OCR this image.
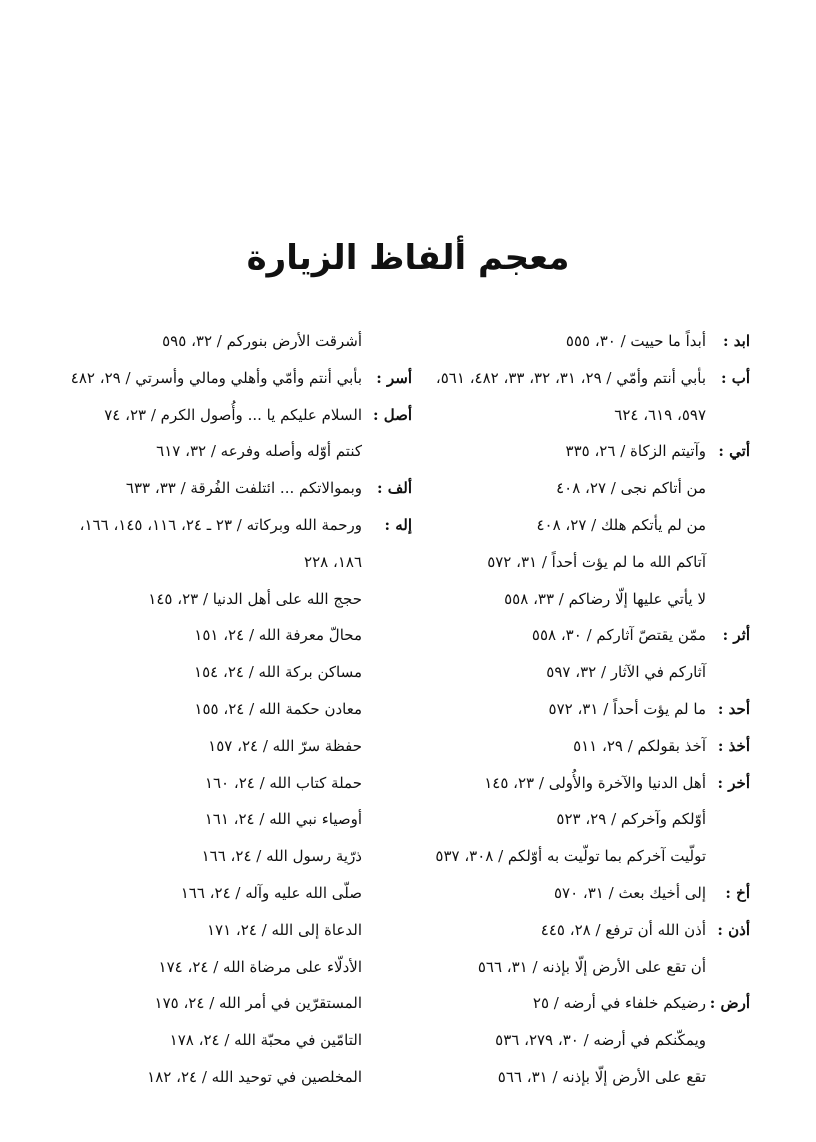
معجم ألفاظ الزيارة
ابد :
أبداً ما حييت / ٣٠، ٥٥٥
أب :
بأبي أنتم وأمّي / ٢٩، ٣١، ٣٢، ٣٣، ٤٨٢، ٥٦١،
٥٩٧، ٦١٩، ٦٢٤
أتي :
وآتيتم الزكاة / ٢٦، ٣٣٥
من أتاكم نجى / ٢٧، ٤٠٨
من لم يأتكم هلك / ٢٧، ٤٠٨
آتاكم الله ما لم يؤت أحداً / ٣١، ٥٧٢
لا يأتي عليها إلّا رضاكم / ٣٣، ٥٥٨
أثر :
ممّن يقتصّ آثاركم / ٣٠، ٥٥٨
آثاركم في الآثار / ٣٢، ٥٩٧
أحد :
ما لم يؤت أحداً / ٣١، ٥٧٢
أخذ :
آخذ بقولكم / ٢٩، ٥١١
أخر :
أهل الدنيا والآخرة والأُولى / ٢٣، ١٤٥
أوّلكم وآخركم / ٢٩، ٥٢٣
تولّيت آخركم بما تولّيت به أوّلكم / ٣٠٨، ٥٣٧
أخ :
إلى أخيك بعث / ٣١، ٥٧٠
أذن :
أذن الله أن ترفع / ٢٨، ٤٤٥
أن تقع على الأرض إلّا بإذنه / ٣١، ٥٦٦
أرض :
رضيكم خلفاء في أرضه / ٢٥
ويمكّنكم في أرضه / ٣٠، ٢٧٩، ٥٣٦
تقع على الأرض إلّا بإذنه / ٣١، ٥٦٦
أشرقت الأرض بنوركم / ٣٢، ٥٩٥
أسر :
بأبي أنتم وأمّي وأهلي ومالي وأسرتي / ٢٩، ٤٨٢
أصل :
السلام عليكم يا ... وأُصول الكرم / ٢٣، ٧٤
كنتم أوّله وأصله وفرعه / ٣٢، ٦١٧
ألف :
وبموالاتكم ... ائتلفت الفُرقة / ٣٣، ٦٣٣
إله :
ورحمة الله وبركاته / ٢٣ ـ ٢٤، ١١٦، ١٤٥، ١٦٦،
١٨٦، ٢٢٨
حجج الله على أهل الدنيا / ٢٣، ١٤٥
محالّ معرفة الله / ٢٤، ١٥١
مساكن بركة الله / ٢٤، ١٥٤
معادن حكمة الله / ٢٤، ١٥٥
حفظة سرّ الله / ٢٤، ١٥٧
حملة كتاب الله / ٢٤، ١٦٠
أوصياء نبي الله / ٢٤، ١٦١
ذرّية رسول الله / ٢٤، ١٦٦
صلّى الله عليه وآله / ٢٤، ١٦٦
الدعاة إلى الله / ٢٤، ١٧١
الأدلّاء على مرضاة الله / ٢٤، ١٧٤
المستقرّين في أمر الله / ٢٤، ١٧٥
التامّين في محبّة الله / ٢٤، ١٧٨
المخلصين في توحيد الله / ٢٤، ١٨٢
